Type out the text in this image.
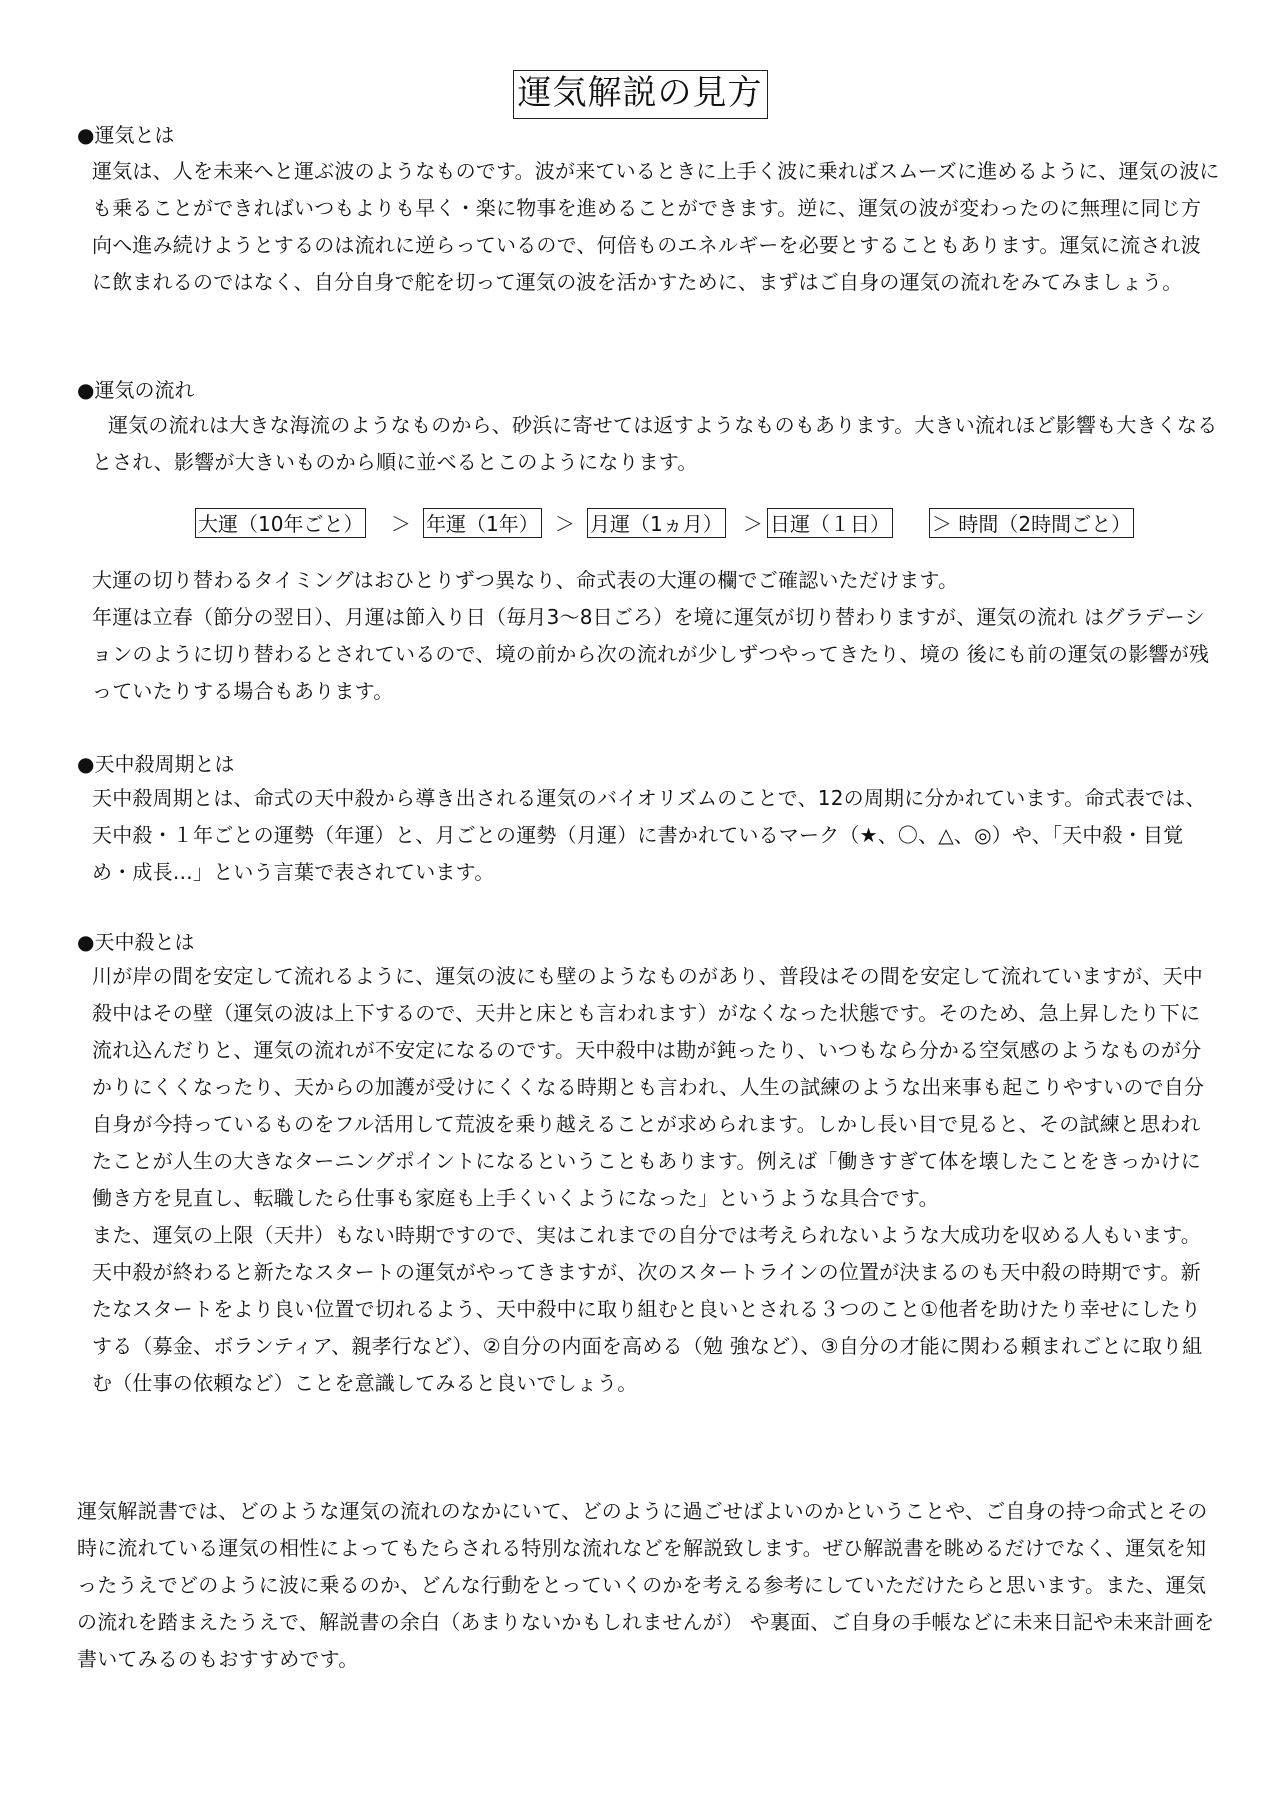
運気解説の見方
●運気とは

運気は、人を未来へと運ぶ波のようなものです。波が来ているときに上手く波に乗ればスムーズに進めるように、運気の波にも乗ることができればいつもよりも早く・楽に物事を進めることができます。逆に、運気の波が変わったのに無理に同じ方向へ進み続けようとするのは流れに逆らっているので、何倍ものエネルギーを必要とすることもあります。運気に流され波に飲まれるのではなく、自分自身で舵を切って運気の波を活かすために、まずはご自身の運気の流れをみてみましょう。

●運気の流れ

運気の流れは大きな海流のようなものから、砂浜に寄せては返すようなものもあります。大きい流れほど影響も大きくなるとされ、影響が大きいものから順に並べるとこのようになります。

大運（10年ごと） ＞ 年運（1年） ＞ 月運（1ヵ月） ＞ 日運（１日） ＞ 時間（2時間ごと）

大運の切り替わるタイミングはおひとりずつ異なり、命式表の大運の欄でご確認いただけます。

年運は立春（節分の翌日）、月運は節入り日（毎月3〜8日ごろ）を境に運気が切り替わりますが、運気の流れ はグラデーションのように切り替わるとされているので、境の前から次の流れが少しずつやってきたり、境の 後にも前の運気の影響が残っていたりする場合もあります。

●天中殺周期とは

天中殺周期とは、命式の天中殺から導き出される運気のバイオリズムのことで、12の周期に分かれています。命式表では、天中殺・１年ごとの運勢（年運）と、月ごとの運勢（月運）に書かれているマーク（★、〇、△、◎）や、「天中殺・目覚め・成長…」という言葉で表されています。

●天中殺とは

川が岸の間を安定して流れるように、運気の波にも壁のようなものがあり、普段はその間を安定して流れていますが、天中殺中はその壁（運気の波は上下するので、天井と床とも言われます）がなくなった状態です。そのため、急上昇したり下に流れ込んだりと、運気の流れが不安定になるのです。天中殺中は勘が鈍ったり、いつもなら分かる空気感のようなものが分かりにくくなったり、天からの加護が受けにくくなる時期とも言われ、人生の試練のような出来事も起こりやすいので自分自身が今持っているものをフル活用して荒波を乗り越えることが求められます。しかし長い目で見ると、その試練と思われたことが人生の大きなターニングポイントになるということもあります。例えば「働きすぎて体を壊したことをきっかけに働き方を見直し、転職したら仕事も家庭も上手くいくようになった」というような具合です。

また、運気の上限（天井）もない時期ですので、実はこれまでの自分では考えられないような大成功を収める人もいます。天中殺が終わると新たなスタートの運気がやってきますが、次のスタートラインの位置が決まるのも天中殺の時期です。新たなスタートをより良い位置で切れるよう、天中殺中に取り組むと良いとされる３つのこと①他者を助けたり幸せにしたりする（募金、ボランティア、親孝行など）、②自分の内面を高める（勉 強など）、③自分の才能に関わる頼まれごとに取り組む（仕事の依頼など）ことを意識してみると良いでしょう。

運気解説書では、どのような運気の流れのなかにいて、どのように過ごせばよいのかということや、ご自身の持つ命式とその時に流れている運気の相性によってもたらされる特別な流れなどを解説致します。ぜひ解説書を眺めるだけでなく、運気を知ったうえでどのように波に乗るのか、どんな行動をとっていくのかを考える参考にしていただけたらと思います。また、運気の流れを踏まえたうえで、解説書の余白（あまりないかもしれませんが） や裏面、ご自身の手帳などに未来日記や未来計画を書いてみるのもおすすめです。
